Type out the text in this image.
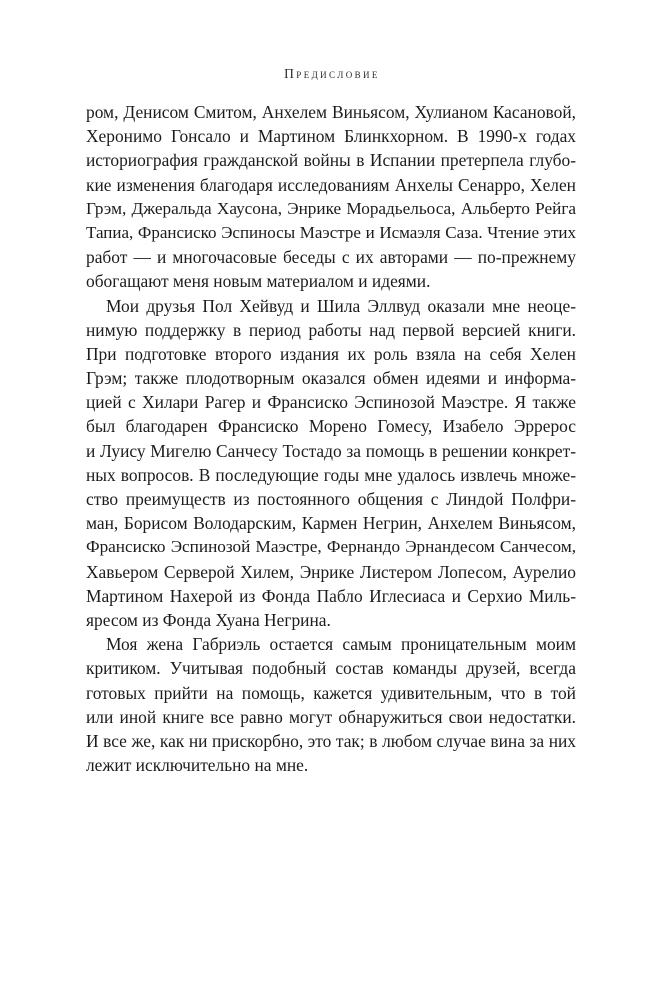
Предисловие
ром, Денисом Смитом, Анхелем Виньясом, Хулианом Касановой,
Херонимо Гонсало и Мартином Блинкхорном. В 1990-х годах
историография гражданской войны в Испании претерпела глубо-
кие изменения благодаря исследованиям Анхелы Сенарро, Хелен
Грэм, Джеральда Хаусона, Энрике Морадьельоса, Альберто Рейга
Тапиа, Франсиско Эспиносы Маэстре и Исмаэля Саза. Чтение этих
работ — и многочасовые беседы с их авторами — по-прежнему
обогащают меня новым материалом и идеями.
Мои друзья Пол Хейвуд и Шила Эллвуд оказали мне неоце-
нимую поддержку в период работы над первой версией книги.
При подготовке второго издания их роль взяла на себя Хелен
Грэм; также плодотворным оказался обмен идеями и информа-
цией с Хилари Рагер и Франсиско Эспинозой Маэстре. Я также
был благодарен Франсиско Морено Гомесу, Изабело Эррерос
и Луису Мигелю Санчесу Тостадо за помощь в решении конкрет-
ных вопросов. В последующие годы мне удалось извлечь множе-
ство преимуществ из постоянного общения с Линдой Полфри-
ман, Борисом Володарским, Кармен Негрин, Анхелем Виньясом,
Франсиско Эспинозой Маэстре, Фернандо Эрнандесом Санчесом,
Хавьером Серверой Хилем, Энрике Листером Лопесом, Аурелио
Мартином Нахерой из Фонда Пабло Иглесиаса и Серхио Миль-
яресом из Фонда Хуана Негрина.
Моя жена Габриэль остается самым проницательным моим
критиком. Учитывая подобный состав команды друзей, всегда
готовых прийти на помощь, кажется удивительным, что в той
или иной книге все равно могут обнаружиться свои недостатки.
И все же, как ни прискорбно, это так; в любом случае вина за них
лежит исключительно на мне.
